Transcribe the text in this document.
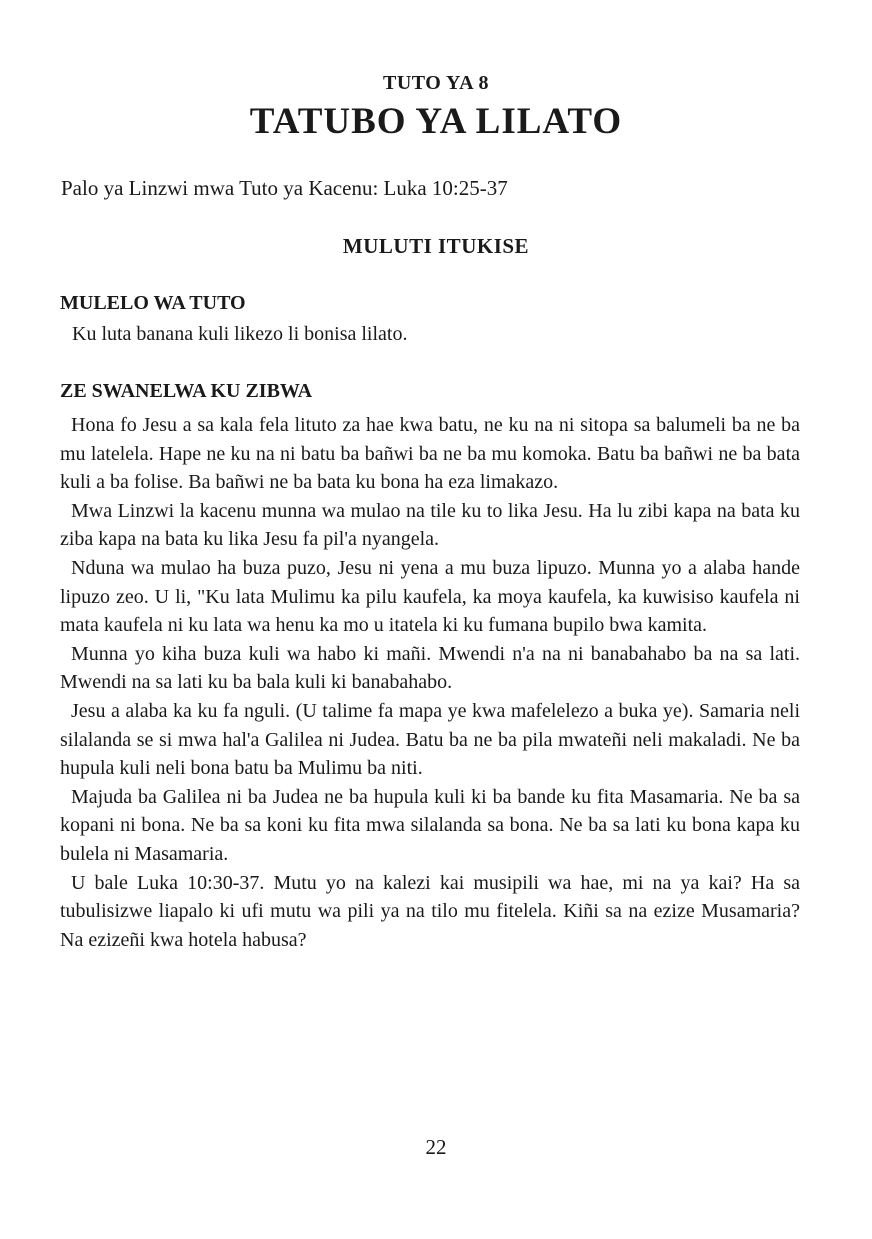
TUTO YA 8
TATUBO YA LILATO
Palo ya Linzwi mwa Tuto ya Kacenu: Luka 10:25-37
MULUTI ITUKISE
MULELO WA TUTO
Ku luta banana kuli likezo li bonisa lilato.
ZE SWANELWA KU ZIBWA

Hona fo Jesu a sa kala fela lituto za hae kwa batu, ne ku na ni sitopa sa balumeli ba ne ba mu latelela. Hape ne ku na ni batu ba bañwi ba ne ba mu komoka. Batu ba bañwi ne ba bata kuli a ba folise. Ba bañwi ne ba bata ku bona ha eza limakazo.

Mwa Linzwi la kacenu munna wa mulao na tile ku to lika Jesu. Ha lu zibi kapa na bata ku ziba kapa na bata ku lika Jesu fa pil'a nyangela.

Nduna wa mulao ha buza puzo, Jesu ni yena a mu buza lipuzo. Munna yo a alaba hande lipuzo zeo. U li, "Ku lata Mulimu ka pilu kaufela, ka moya kaufela, ka kuwisiso kaufela ni mata kaufela ni ku lata wa henu ka mo u itatela ki ku fumana bupilo bwa kamita.

Munna yo kiha buza kuli wa habo ki mañi. Mwendi n'a na ni banabahabo ba na sa lati. Mwendi na sa lati ku ba bala kuli ki banabahabo.

Jesu a alaba ka ku fa nguli. (U talime fa mapa ye kwa mafelelezo a buka ye). Samaria neli silalanda se si mwa hal'a Galilea ni Judea. Batu ba ne ba pila mwateñi neli makaladi. Ne ba hupula kuli neli bona batu ba Mulimu ba niti.

Majuda ba Galilea ni ba Judea ne ba hupula kuli ki ba bande ku fita Masamaria. Ne ba sa kopani ni bona. Ne ba sa koni ku fita mwa silalanda sa bona. Ne ba sa lati ku bona kapa ku bulela ni Masamaria.

U bale Luka 10:30-37. Mutu yo na kalezi kai musipili wa hae, mi na ya kai? Ha sa tubulisizwe liapalo ki ufi mutu wa pili ya na tilo mu fitelela. Kiñi sa na ezize Musamaria? Na ezizeñi kwa hotela habusa?

22
